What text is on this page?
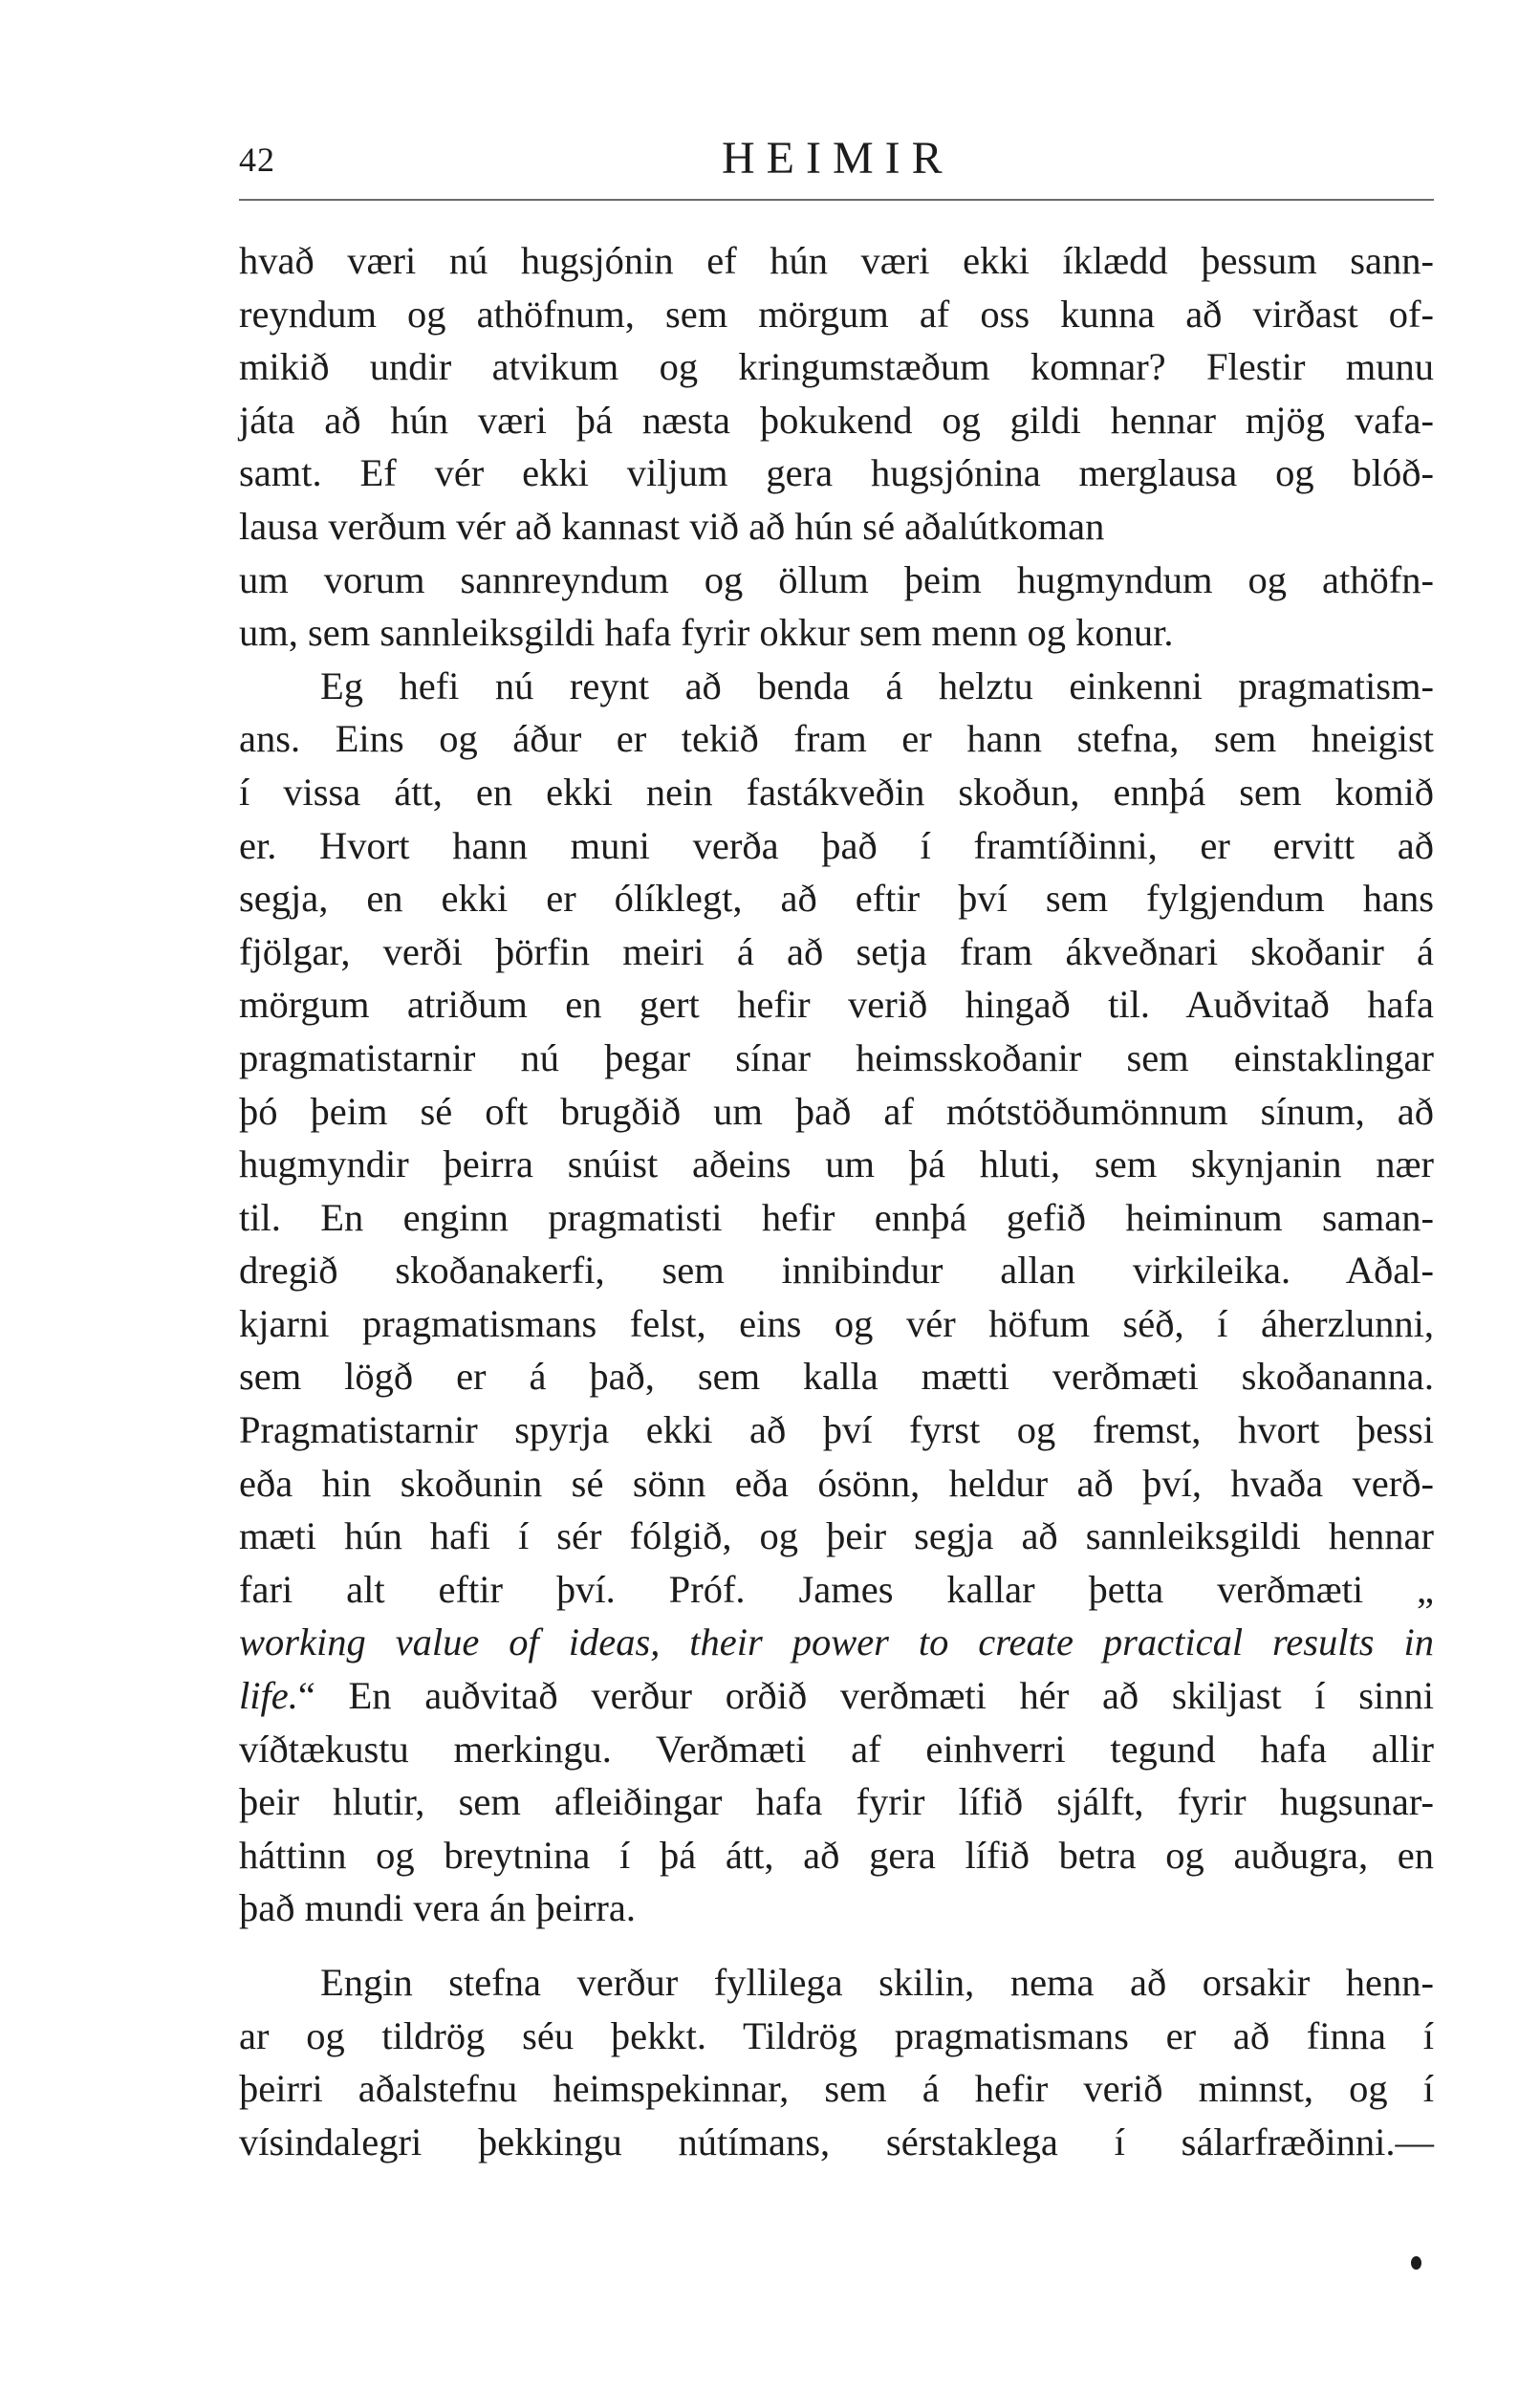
42	HEIMIR
hvað væri nú hugsjónin ef hún væri ekki íklædd þessum sann-
reyndum og athöfnum, sem mörgum af oss kunna að virðast of-
mikið undir atvikum og kringumstæðum komnar? Flestir munu
játa að hún væri þá næsta þokukend og gildi hennar mjög vafa-
samt. Ef vér ekki viljum gera hugsjónina merglausa og blóð-
lausa verðum vér að kannast við að hún sé aðalútkoman
um vorum sannreyndum og öllum þeim hugmyndum og athöfn-
um, sem sannleiksgildi hafa fyrir okkur sem menn og konur.
Eg hefi nú reynt að benda á helztu einkenni pragmatism-
ans. Eins og áður er tekið fram er hann stefna, sem hneigist
í vissa átt, en ekki nein fastákveðin skoðun, ennþá sem komið
er. Hvort hann muni verða það í framtíðinni, er ervitt að
segja, en ekki er ólíklegt, að eftir því sem fylgjendum hans
fjölgar, verði þörfin meiri á að setja fram ákveðnari skoðanir á
mörgum atriðum en gert hefir verið hingað til. Auðvitað hafa
pragmatistarnir nú þegar sínar heimsskoðanir sem einstaklingar
þó þeim sé oft brugðið um það af mótstöðumönnum sínum, að
hugmyndir þeirra snúist aðeins um þá hluti, sem skynjanin nær
til. En enginn pragmatisti hefir ennþá gefið heiminum saman-
dregið skoðanakerfi, sem innibindur allan virkileika. Aðal-
kjarni pragmatismans felst, eins og vér höfum séð, í áherzlunni,
sem lögð er á það, sem kalla mætti verðmæti skoðananna.
Pragmatistarnir spyrja ekki að því fyrst og fremst, hvort þessi
eða hin skoðunin sé sönn eða ósönn, heldur að því, hvaða verð-
mæti hún hafi í sér fólgið, og þeir segja að sannleiksgildi hennar
fari alt eftir því. Próf. James kallar þetta verðmæti „
working value of ideas, their power to create practical results in
life.“ En auðvitað verður orðið verðmæti hér að skiljast í sinni
víðtækustu merkingu. Verðmæti af einhverri tegund hafa allir
þeir hlutir, sem afleiðingar hafa fyrir lífið sjálft, fyrir hugsunar-
háttinn og breytnina í þá átt, að gera lífið betra og auðugra, en
það mundi vera án þeirra.
Engin stefna verður fyllilega skilin, nema að orsakir henn-
ar og tildrög séu þekkt. Tildrög pragmatismans er að finna í
þeirri aðalstefnu heimspekinnar, sem á hefir verið minnst, og í
vísindalegri þekkingu nútímans, sérstaklega í sálarfræðinni.—
